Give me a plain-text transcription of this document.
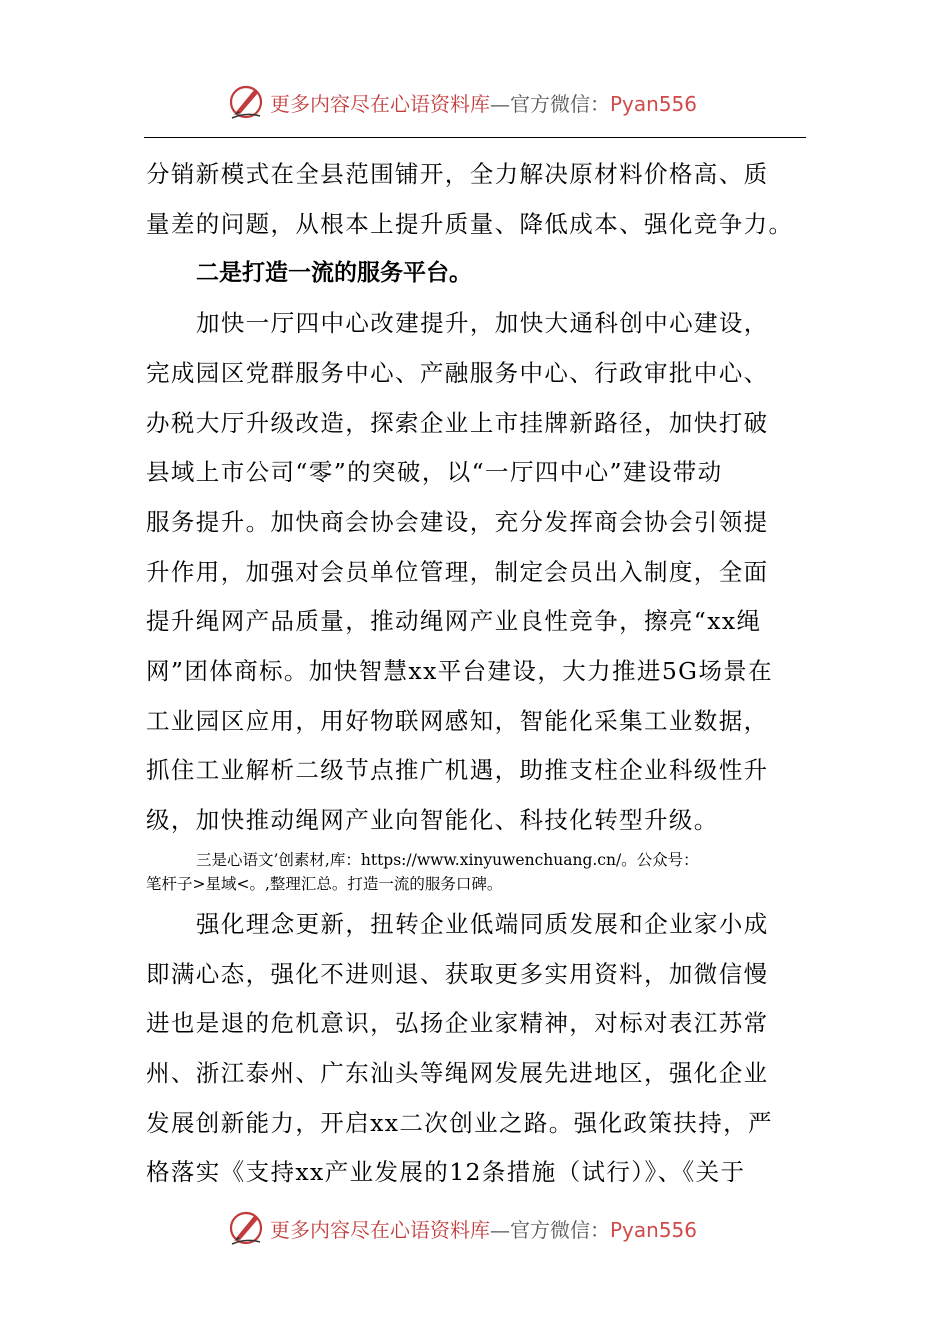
更多内容尽在心语资料库—官方微信：Pyan556

分销新模式在全县范围铺开，全力解决原材料价格高、质

量差的问题，从根本上提升质量、降低成本、强化竞争力。

二是打造一流的服务平台。

加快一厅四中心改建提升，加快大通科创中心建设，

完成园区党群服务中心、产融服务中心、行政审批中心、

办税大厅升级改造，探索企业上市挂牌新路径，加快打破

县域上市公司“零”的突破，以“一厅四中心”建设带动

服务提升。加快商会协会建设，充分发挥商会协会引领提

升作用，加强对会员单位管理，制定会员出入制度，全面

提升绳网产品质量，推动绳网产业良性竞争，擦亮“xx绳

网”团体商标。加快智慧xx平台建设，大力推进5G场景在

工业园区应用，用好物联网感知，智能化采集工业数据，

抓住工业解析二级节点推广机遇，助推支柱企业科级性升

级，加快推动绳网产业向智能化、科技化转型升级。

三是心语文’创素材,库：https://www.xinyuwenchuang.cn/。公众号：
笔杆子>星域<。,整理汇总。打造一流的服务口碑。

强化理念更新，扭转企业低端同质发展和企业家小成

即满心态，强化不进则退、获取更多实用资料，加微信慢

进也是退的危机意识，弘扬企业家精神，对标对表江苏常

州、浙江泰州、广东汕头等绳网发展先进地区，强化企业

发展创新能力，开启xx二次创业之路。强化政策扶持，严

格落实《支持xx产业发展的12条措施（试行）》、《关于

更多内容尽在心语资料库—官方微信：Pyan556
